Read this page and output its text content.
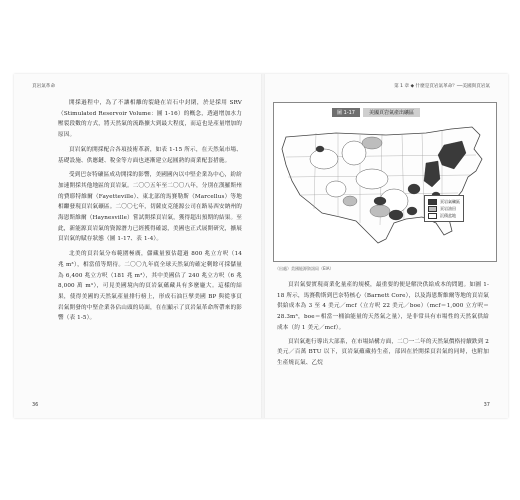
頁岩氣革命

開採過程中，為了不讓相離的裂縫在岩石中封閉，於是採用 SRV（Stimulated Reservoir Volume：圖 1-16）的概念，透過增加水力壓裂段數的方式，將天然氣的流路擴大到最大程度，而這也是產量增加的原因。

頁岩氣的開採配合各項技術革新，如表 1-15 所示，在天然氣市場、基礎設施、供應鏈、稅金等方面也逐漸建立起圓熟的商業配套措施。

受到巴奈特礦區成功開採的影響，美國國內以中堅企業為中心，紛紛加速開採其他地區的頁岩氣。二〇〇五年至二〇〇八年，分別在漢羅斯州的費耶特維爾（Fayetteville）、東北部的馬賽勒斯（Marcellus）等地相繼發現頁岩氣礦區。二〇〇七年，切薩皮克能源公司在路易西安納州的海恩斯維爾（Haynesville）嘗試開採頁岩氣，獲得超出預期的結果。至此，新能源頁岩氣的資源潛力已經獲得確認，美國也正式展開研究，擴展頁岩氣的賦存狀態（圖 1-17、表 1-4）。

北美的頁岩氣分布範圍極廣，儲藏量預估超過 800 兆立方呎（14 兆 m³），相當值等期待。二〇〇九年底全球天然氣的確定剩餘可採儲量為 6,400 兆立方呎（181 兆 m³），其中美國佔了 240 兆立方呎（6 兆 8,000 萬 m³），可見美國境內的頁岩氣蘊藏具有多麼龐大。這樣的結果，使得美國的天然氣產量排行榜上，形成石油巨擘美國 BP 與從事頁岩氣開發的中堅企業各佔山頭的局面，在在顯示了頁岩氣革命所帶來的影響（表 1-5）。

36
第 1 章 ◆ 什麼是頁岩氣革命？──美國與頁岩氣
圖 1-17	美國頁岩氣產出礦區
頁岩氣礦區
頁岩油田
沉積盆地
（出處）美國能源資訊局（EIA）

頁岩氣要實現商業化量產的規模，最重要的便是解決供給成本的問題。如圖 1-18 所示，馬賽勒斯到巴奈特核心（Barnett Core），以及海恩斯維爾等地的頁岩氣供給成本為 3 至 4 美元／mcf（立方呎 22 美元／boe）（mcf＝1,000 立方呎＝28.3m³，boe＝相當一桶油能量的天然氣之量），是非常具有市場性的天然氣供給成本（約 1 美元／mcf）。

頁岩氣進行導出大部系，在市場結構方面，二〇一二年的天然氣價格持續跌到 2 美元／百萬 BTU 以下，頁岩氣蘊藏持生產，部因在於開採頁岩氣的同時，也附加生產燒瓦氣、乙烷

37
